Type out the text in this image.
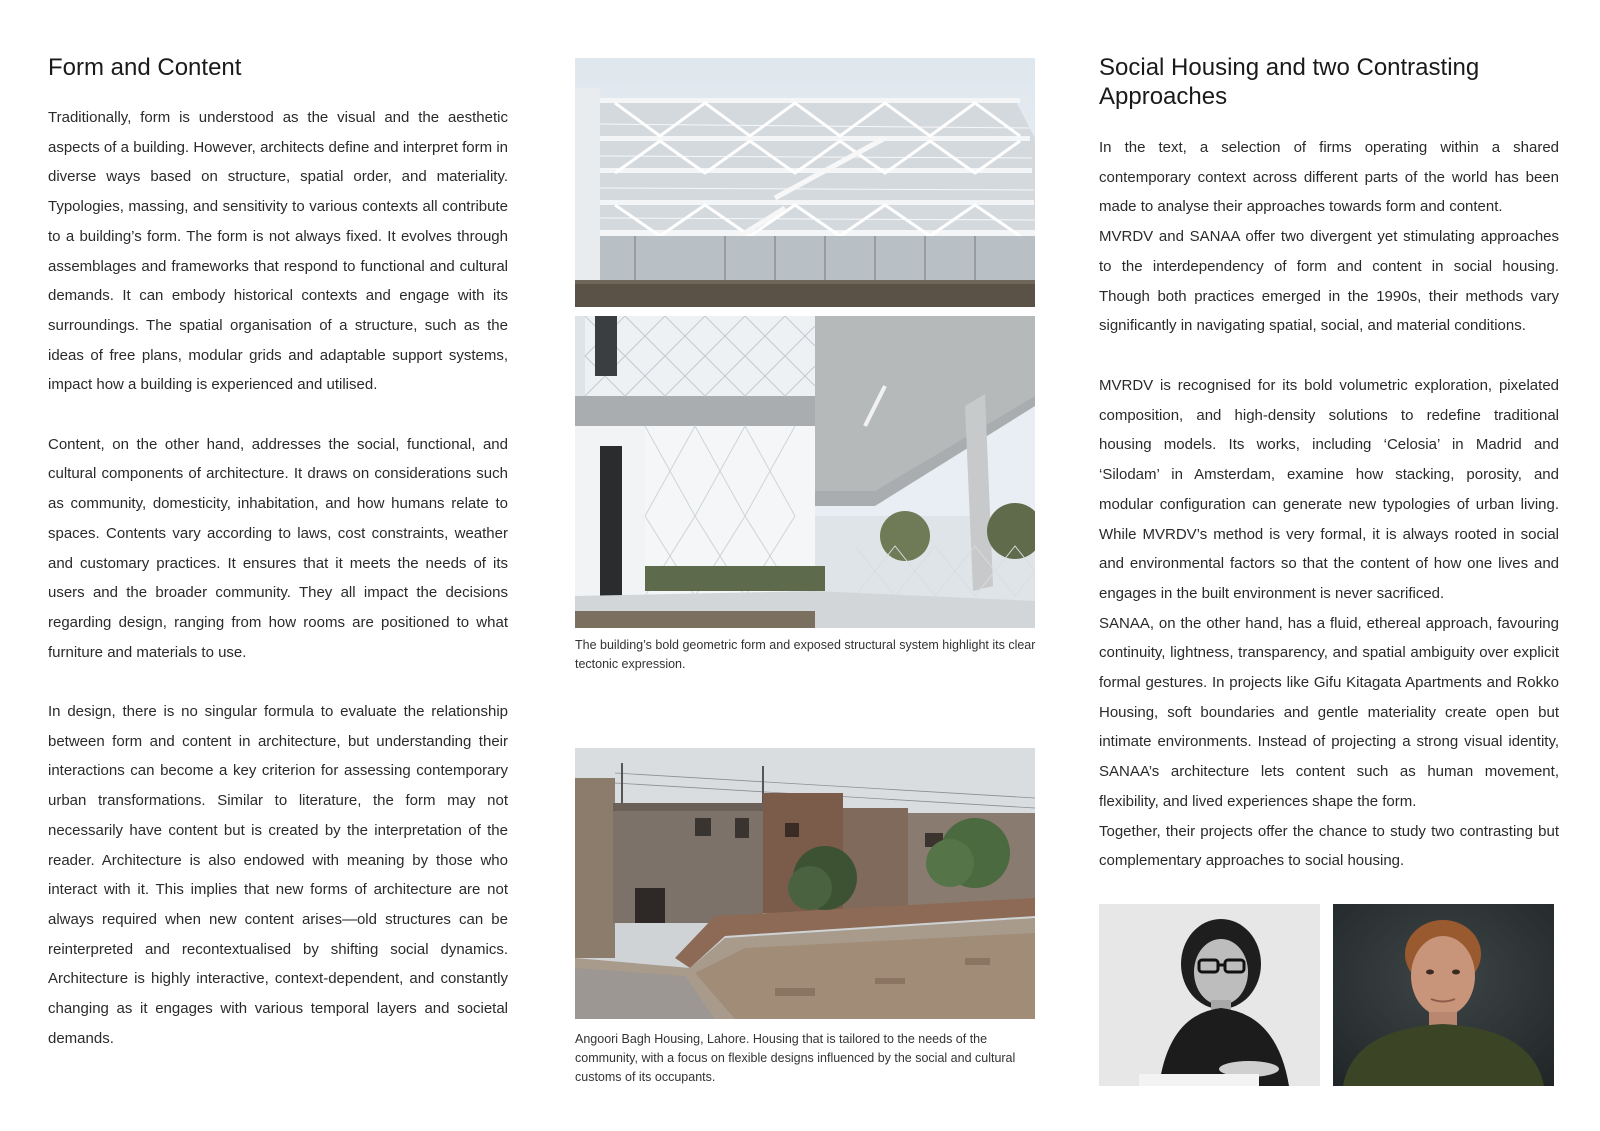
Form and Content

Traditionally, form is understood as the visual and the aesthetic aspects of a building. However, architects define and interpret form in diverse ways based on structure, spatial order, and materiality. Typologies, massing, and sensitivity to various contexts all contribute to a building’s form. The form is not always fixed. It evolves through assemblages and frameworks that respond to functional and cultural demands. It can embody historical contexts and engage with its surroundings. The spatial organisation of a structure, such as the ideas of free plans, modular grids and adaptable support systems, impact how a building is experienced and utilised.

Content, on the other hand, addresses the social, functional, and cultural components of architecture. It draws on considerations such as community, domesticity, inhabitation, and how humans relate to spaces. Contents vary according to laws, cost constraints, weather and customary practices. It ensures that it meets the needs of its users and the broader community. They all impact the decisions regarding design, ranging from how rooms are positioned to what furniture and materials to use.

In design, there is no singular formula to evaluate the relationship between form and content in architecture, but understanding their interactions can become a key criterion for assessing contemporary urban transformations. Similar to literature, the form may not necessarily have content but is created by the interpretation of the reader. Architecture is also endowed with meaning by those who interact with it. This implies that new forms of architecture are not always required when new content arises—old structures can be reinterpreted and recontextualised by shifting social dynamics. Architecture is highly interactive, context-dependent, and constantly changing as it engages with various temporal layers and societal demands.

The building’s bold geometric form and exposed structural system highlight its clear tectonic expression.
Angoori Bagh Housing, Lahore. Housing that is tailored to the needs of the community, with a focus on flexible designs influenced by the social and cultural customs of its occupants.
Social Housing and two Contrasting Approaches

In the text, a selection of firms operating within a shared contemporary context across different parts of the world has been made to analyse their approaches towards form and content.

MVRDV and SANAA offer two divergent yet stimulating approaches to the interdependency of form and content in social housing. Though both practices emerged in the 1990s, their methods vary significantly in navigating spatial, social, and material conditions.

MVRDV is recognised for its bold volumetric exploration, pixelated composition, and high-density solutions to redefine traditional housing models. Its works, including ‘Celosia’ in Madrid and ‘Silodam’ in Amsterdam, examine how stacking, porosity, and modular configuration can generate new typologies of urban living. While MVRDV’s method is very formal, it is always rooted in social and environmental factors so that the content of how one lives and engages in the built environment is never sacrificed.

SANAA, on the other hand, has a fluid, ethereal approach, favouring continuity, lightness, transparency, and spatial ambiguity over explicit formal gestures. In projects like Gifu Kitagata Apartments and Rokko Housing, soft boundaries and gentle materiality create open but intimate environments. Instead of projecting a strong visual identity, SANAA’s architecture lets content such as human movement, flexibility, and lived experiences shape the form.

Together, their projects offer the chance to study two contrasting but complementary approaches to social housing.
